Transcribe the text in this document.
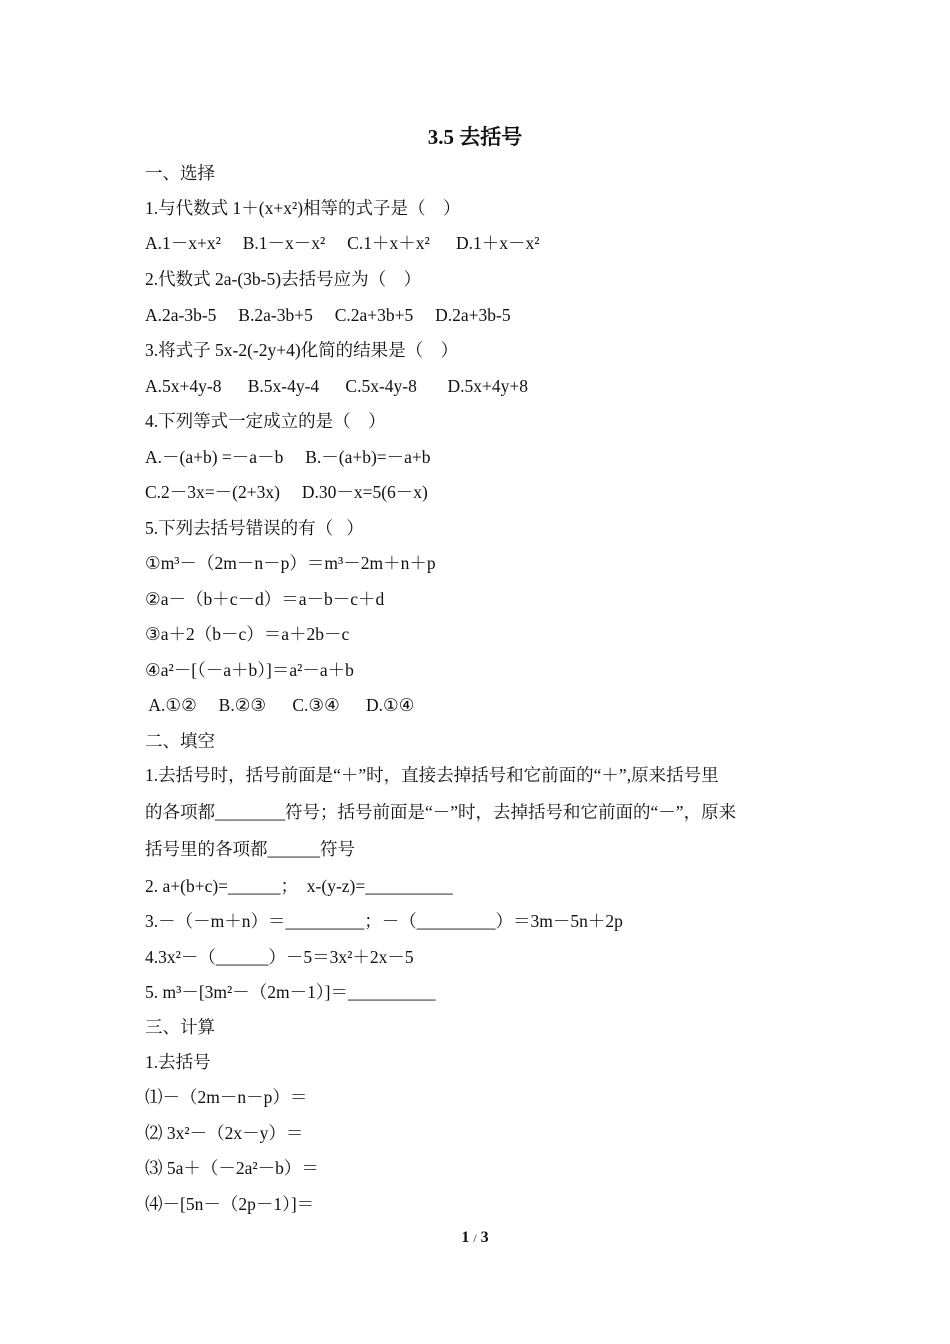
3.5 去括号
一、选择
1.与代数式 1＋(x+x²)相等的式子是（    ）
A.1－x+x²     B.1－x－x²     C.1＋x＋x²      D.1＋x－x²
2.代数式 2a-(3b-5)去括号应为（    ）
A.2a-3b-5     B.2a-3b+5     C.2a+3b+5     D.2a+3b-5
3.将式子 5x-2(-2y+4)化简的结果是（    ）
A.5x+4y-8      B.5x-4y-4      C.5x-4y-8       D.5x+4y+8
4.下列等式一定成立的是（    ）
A.－(a+b) =－a－b     B.－(a+b)=－a+b
C.2－3x=－(2+3x)     D.30－x=5(6－x)
5.下列去括号错误的有（   ）
①m³－（2m－n－p）＝m³－2m＋n＋p
②a－（b＋c－d）＝a－b－c＋d
③a＋2（b－c）＝a＋2b－c
④a²－[（－a＋b）]＝a²－a＋b
A.①②     B.②③      C.③④      D.①④
二、填空
1.去括号时，括号前面是“＋”时，直接去掉括号和它前面的“＋”,原来括号里
的各项都________符号；括号前面是“－”时，去掉括号和它前面的“－”，原来
括号里的各项都______符号
2. a+(b+c)=______；  x-(y-z)=__________
3.－（－m＋n）＝_________；－（_________）＝3m－5n＋2p
4.3x²－（______）－5＝3x²＋2x－5
5. m³－[3m²－（2m－1）]＝__________
三、计算
1.去括号
⑴－（2m－n－p）＝
⑵ 3x²－（2x－y）＝
⑶ 5a＋（－2a²－b）＝
⑷－[5n－（2p－1）]＝
1 / 3
